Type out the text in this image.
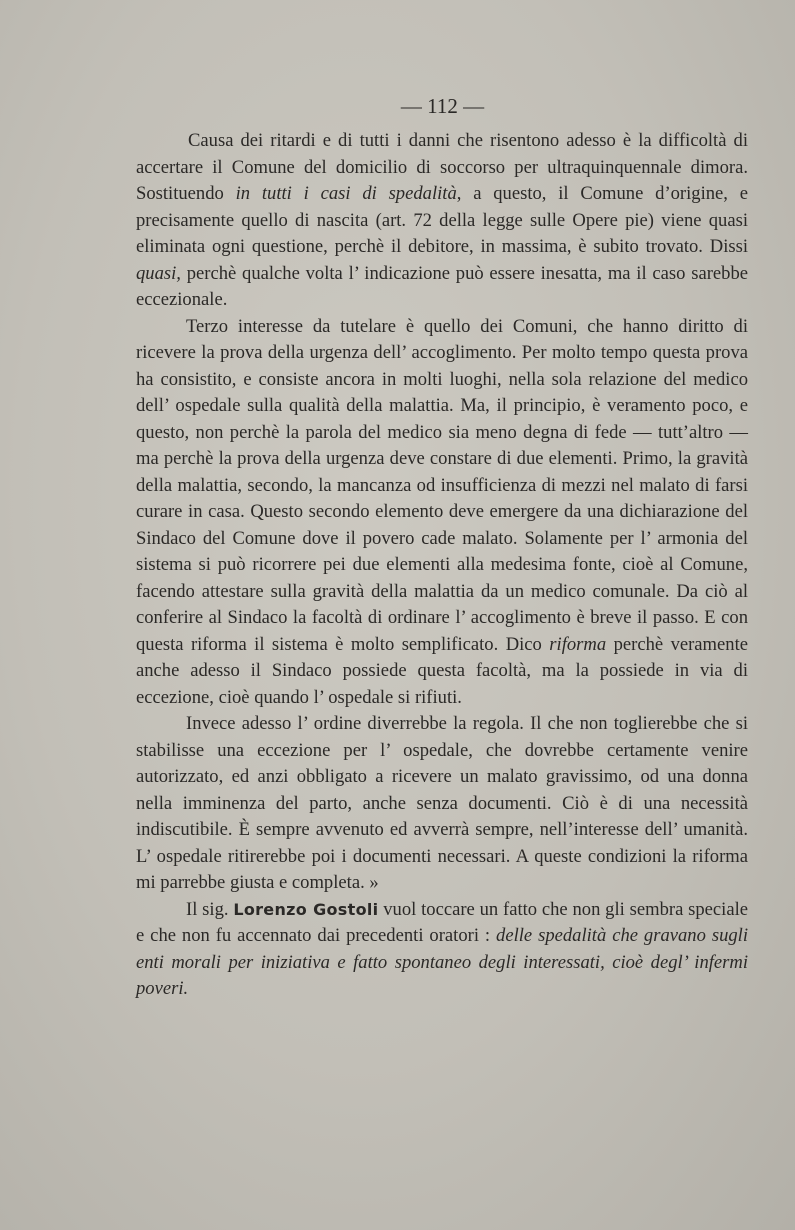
— 112 —

Causa dei ritardi e di tutti i danni che risentono adesso è la difficoltà di accertare il Comune del domicilio di soccorso per ultraquinquennale dimora. Sostituendo in tutti i casi di spedalità, a questo, il Comune d’origine, e precisamente quello di nascita (art. 72 della legge sulle Opere pie) viene quasi eliminata ogni questione, perchè il debitore, in massima, è subito trovato. Dissi quasi, perchè qualche volta l’ indicazione può essere inesatta, ma il caso sarebbe eccezionale.

Terzo interesse da tutelare è quello dei Comuni, che hanno diritto di ricevere la prova della urgenza dell’ accoglimento. Per molto tempo questa prova ha consistito, e consiste ancora in molti luoghi, nella sola relazione del medico dell’ ospedale sulla qualità della malattia. Ma, il principio, è veramento poco, e questo, non perchè la parola del medico sia meno degna di fede — tutt’altro — ma perchè la prova della urgenza deve constare di due elementi. Primo, la gravità della malattia, secondo, la mancanza od insufficienza di mezzi nel malato di farsi curare in casa. Questo secondo elemento deve emergere da una dichiarazione del Sindaco del Comune dove il povero cade malato. Solamente per l’ armonia del sistema si può ricorrere pei due elementi alla medesima fonte, cioè al Comune, facendo attestare sulla gravità della malattia da un medico comunale. Da ciò al conferire al Sindaco la facoltà di ordinare l’ accoglimento è breve il passo. E con questa riforma il sistema è molto semplificato. Dico riforma perchè veramente anche adesso il Sindaco possiede questa facoltà, ma la possiede in via di eccezione, cioè quando l’ ospedale si rifiuti.

Invece adesso l’ ordine diverrebbe la regola. Il che non toglierebbe che si stabilisse una eccezione per l’ ospedale, che dovrebbe certamente venire autorizzato, ed anzi obbligato a ricevere un malato gravissimo, od una donna nella imminenza del parto, anche senza documenti. Ciò è di una necessità indiscutibile. È sempre avvenuto ed avverrà sempre, nell’interesse dell’ umanità. L’ ospedale ritirerebbe poi i documenti necessari. A queste condizioni la riforma mi parrebbe giusta e completa. »

Il sig. Lorenzo Gostoli vuol toccare un fatto che non gli sembra speciale e che non fu accennato dai precedenti oratori : delle spedalità che gravano sugli enti morali per iniziativa e fatto spontaneo degli interessati, cioè degl’ infermi poveri.
